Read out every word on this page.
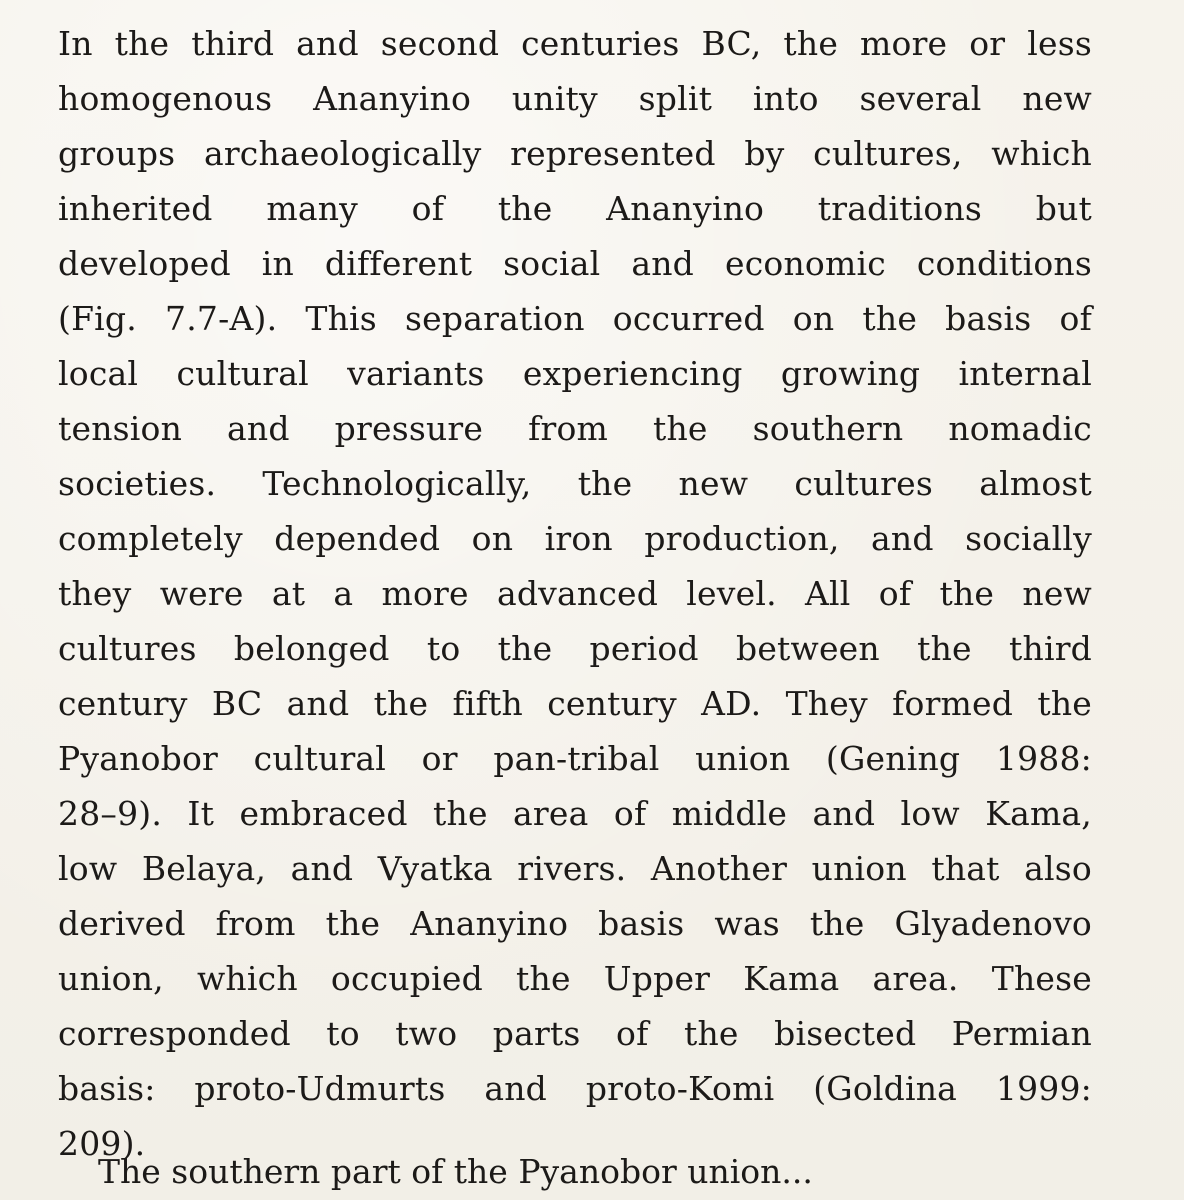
In the third and second centuries BC, the more or less
homogenous Ananyino unity split into several new
groups archaeologically represented by cultures, which
inherited many of the Ananyino traditions but
developed in different social and economic conditions
(Fig. 7.7-A). This separation occurred on the basis of
local cultural variants experiencing growing internal
tension and pressure from the southern nomadic
societies. Technologically, the new cultures almost
completely depended on iron production, and socially
they were at a more advanced level. All of the new
cultures belonged to the period between the third
century BC and the fifth century AD. They formed the
Pyanobor cultural or pan-tribal union (Gening 1988:
28–9). It embraced the area of middle and low Kama,
low Belaya, and Vyatka rivers. Another union that also
derived from the Ananyino basis was the Glyadenovo
union, which occupied the Upper Kama area. These
corresponded to two parts of the bisected Permian
basis: proto-Udmurts and proto-Komi (Goldina 1999:
209).
The southern part of the Pyanobor union...
